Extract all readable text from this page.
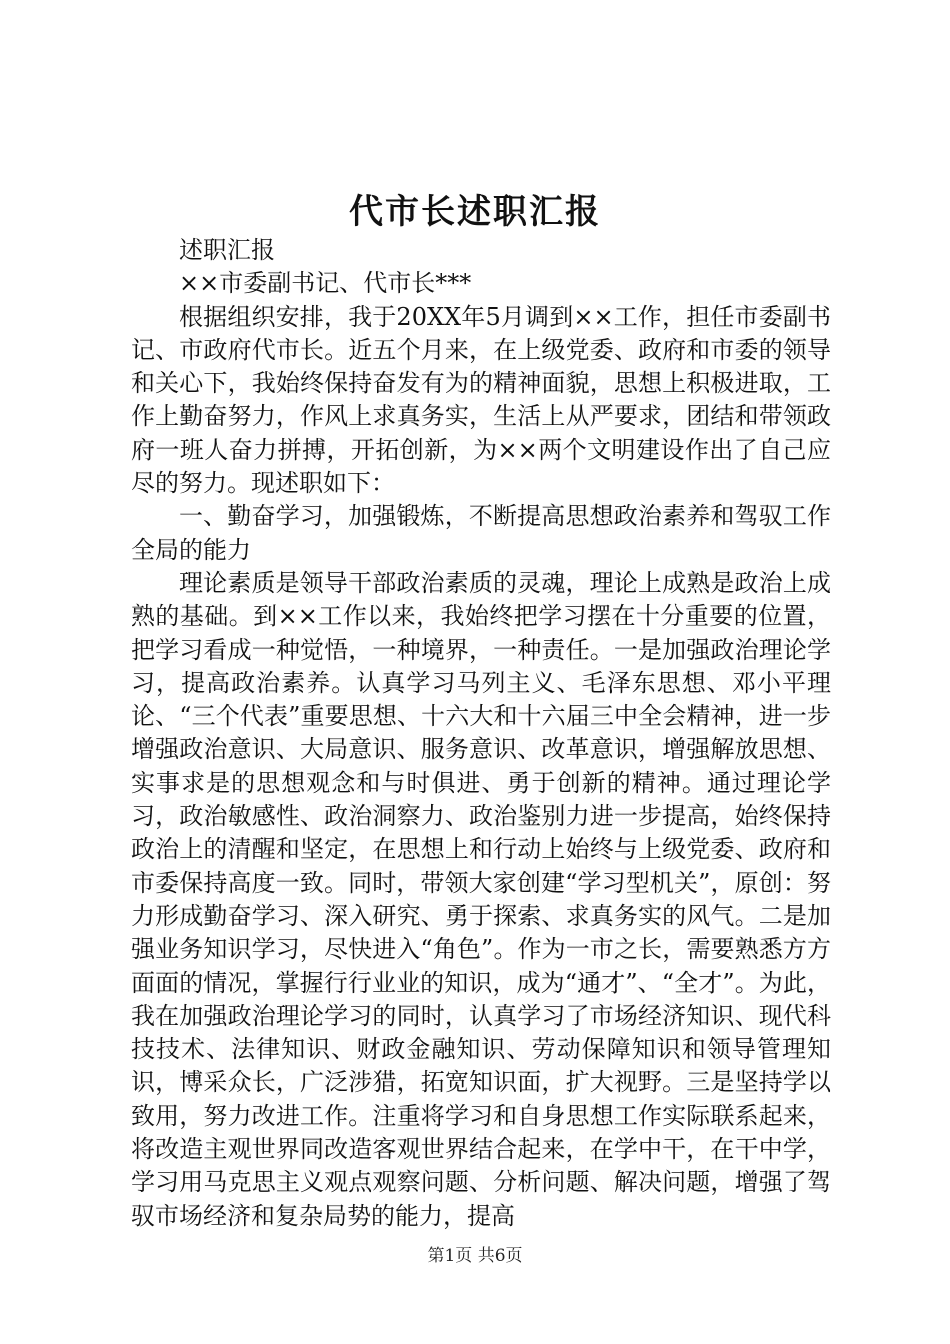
代市长述职汇报

述职汇报

××市委副书记、代市长***

根据组织安排，我于20XX年5月调到××工作，担任市委副书记、市政府代市长。近五个月来，在上级党委、政府和市委的领导和关心下，我始终保持奋发有为的精神面貌，思想上积极进取，工作上勤奋努力，作风上求真务实，生活上从严要求，团结和带领政府一班人奋力拼搏，开拓创新，为××两个文明建设作出了自己应尽的努力。现述职如下：

一、勤奋学习，加强锻炼，不断提高思想政治素养和驾驭工作全局的能力

理论素质是领导干部政治素质的灵魂，理论上成熟是政治上成熟的基础。到××工作以来，我始终把学习摆在十分重要的位置，把学习看成一种觉悟，一种境界，一种责任。一是加强政治理论学习，提高政治素养。认真学习马列主义、毛泽东思想、邓小平理论、“三个代表”重要思想、十六大和十六届三中全会精神，进一步增强政治意识、大局意识、服务意识、改革意识，增强解放思想、实事求是的思想观念和与时俱进、勇于创新的精神。通过理论学习，政治敏感性、政治洞察力、政治鉴别力进一步提高，始终保持政治上的清醒和坚定，在思想上和行动上始终与上级党委、政府和市委保持高度一致。同时，带领大家创建“学习型机关”，原创：努力形成勤奋学习、深入研究、勇于探索、求真务实的风气。二是加强业务知识学习，尽快进入“角色”。作为一市之长，需要熟悉方方面面的情况，掌握行行业业的知识，成为“通才”、“全才”。为此，我在加强政治理论学习的同时，认真学习了市场经济知识、现代科技技术、法律知识、财政金融知识、劳动保障知识和领导管理知识，博采众长，广泛涉猎，拓宽知识面，扩大视野。三是坚持学以致用，努力改进工作。注重将学习和自身思想工作实际联系起来，将改造主观世界同改造客观世界结合起来，在学中干，在干中学，学习用马克思主义观点观察问题、分析问题、解决问题，增强了驾驭市场经济和复杂局势的能力，提高

第1页 共6页
